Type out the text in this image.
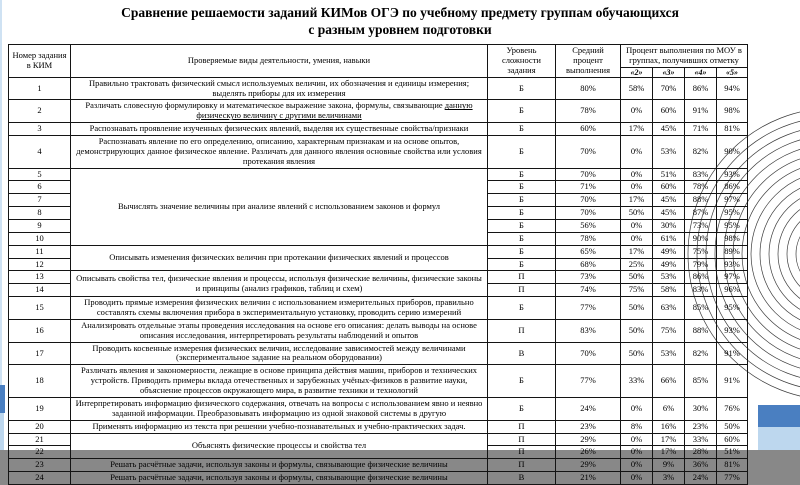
Сравнение решаемости заданий КИМов ОГЭ по учебному предмету группам обучающихся
с разным уровнем подготовки
Номер задания в КИМ	Проверяемые виды деятельности, умения, навыки	Уровень сложности задания	Средний процент выполнения	Процент выполнения по МОУ в группах, получивших отметку			
				«2»	«3»	«4»	«5»
1	Правильно трактовать физический смысл используемых величин, их обозначения и единицы измерения; выделять приборы для их измерения	Б	80%	58%	70%	86%	94%
2	Различать словесную формулировку и математическое выражение закона, формулы, связывающие данную физическую величину с другими величинами	Б	78%	0%	60%	91%	98%
3	Распознавать проявление изученных физических явлений, выделяя их существенные свойства/признаки	Б	60%	17%	45%	71%	81%
4	Распознавать явление по его определению, описанию, характерным признакам и на основе опытов, демонстрирующих данное физическое явление. Различать для данного явления основные свойства или условия протекания явления	Б	70%	0%	53%	82%	90%
5	Вычислять значение величины при анализе явлений с использованием законов и формул	Б	70%	0%	51%	83%	93%
6		Б	71%	0%	60%	78%	86%
7		Б	70%	17%	45%	88%	97%
8		Б	70%	50%	45%	87%	95%
9		Б	56%	0%	30%	73%	95%
10		Б	78%	0%	61%	90%	98%
11	Описывать изменения физических величин при протекании физических явлений и процессов	Б	65%	17%	49%	75%	89%
12		Б	68%	25%	49%	79%	93%
13	Описывать свойства тел, физические явления и процессы, используя физические величины, физические законы и принципы (анализ графиков, таблиц и схем)	П	73%	50%	53%	86%	97%
14		П	74%	75%	58%	83%	96%
15	Проводить прямые измерения физических величин с использованием измерительных приборов, правильно составлять схемы включения прибора в экспериментальную установку, проводить серию измерений	Б	77%	50%	63%	85%	95%
16	Анализировать отдельные этапы проведения исследования на основе его описания: делать выводы на основе описания исследования, интерпретировать результаты наблюдений и опытов	П	83%	50%	75%	88%	93%
17	Проводить косвенные измерения физических величин, исследование зависимостей между величинами (экспериментальное задание на реальном оборудовании)	В	70%	50%	53%	82%	91%
18	Различать явления и закономерности, лежащие в основе принципа действия машин, приборов и технических устройств. Приводить примеры вклада отечественных и зарубежных учёных-физиков в развитие науки, объяснение процессов окружающего мира, в развитие техники и технологий	Б	77%	33%	66%	85%	91%
19	Интерпретировать информацию физического содержания, отвечать на вопросы с использованием явно и неявно заданной информации. Преобразовывать информацию из одной знаковой системы в другую	Б	24%	0%	6%	30%	76%
20	Применять информацию из текста при решении учебно-познавательных и учебно-практических задач.	П	23%	8%	16%	23%	50%
21	Объяснять физические процессы и свойства тел	П	29%	0%	17%	33%	60%
22		П	26%	0%	17%	28%	51%
23	Решать расчётные задачи, используя законы и формулы, связывающие физические величины	П	29%	0%	9%	36%	81%
24	Решать расчётные задачи, используя законы и формулы, связывающие физические величины	В	21%	0%	3%	24%	77%
